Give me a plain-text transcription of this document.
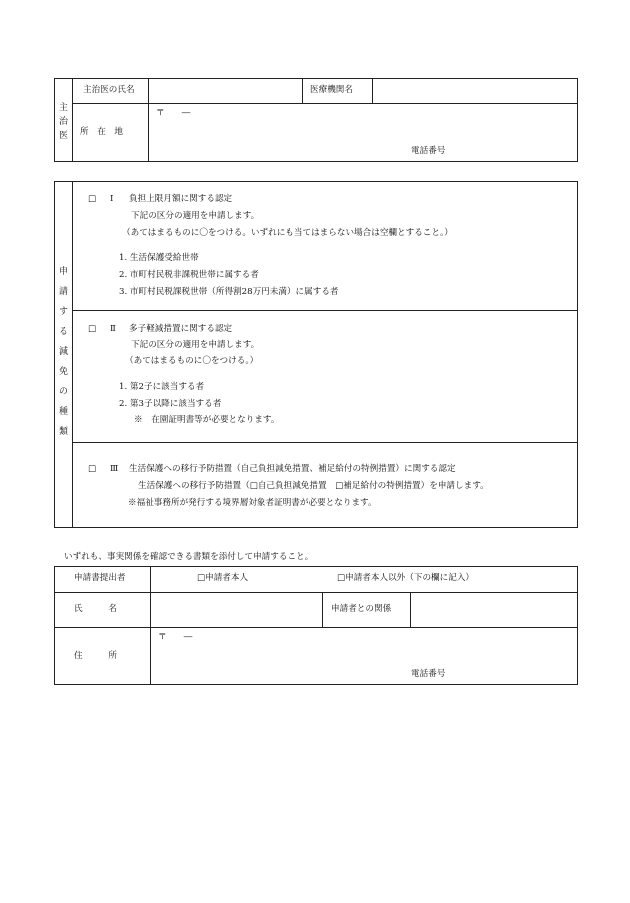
主治医
主治医の氏名	医療機関名
所　在　地
〒　　―
電話番号
申請する減免の種類
□ Ⅰ 負担上限月額に関する認定
下記の区分の適用を申請します。
（あてはまるものに〇をつける。いずれにも当てはまらない場合は空欄とすること。）
1. 生活保護受給世帯
2. 市町村民税非課税世帯に属する者
3. 市町村民税課税世帯（所得割28万円未満）に属する者
□ Ⅱ 多子軽減措置に関する認定
下記の区分の適用を申請します。
（あてはまるものに〇をつける。）
1. 第2子に該当する者
2. 第3子以降に該当する者
※　在園証明書等が必要となります。
□ Ⅲ 生活保護への移行予防措置（自己負担減免措置、補足給付の特例措置）に関する認定
生活保護への移行予防措置（□自己負担減免措置　□補足給付の特例措置）を申請します。
※福祉事務所が発行する境界層対象者証明書が必要となります。
いずれも、事実関係を確認できる書類を添付して申請すること。
申請書提出者	□申請者本人	□申請者本人以外（下の欄に記入）
氏　　　名	申請者との関係
住　　　所
〒　　―
電話番号
